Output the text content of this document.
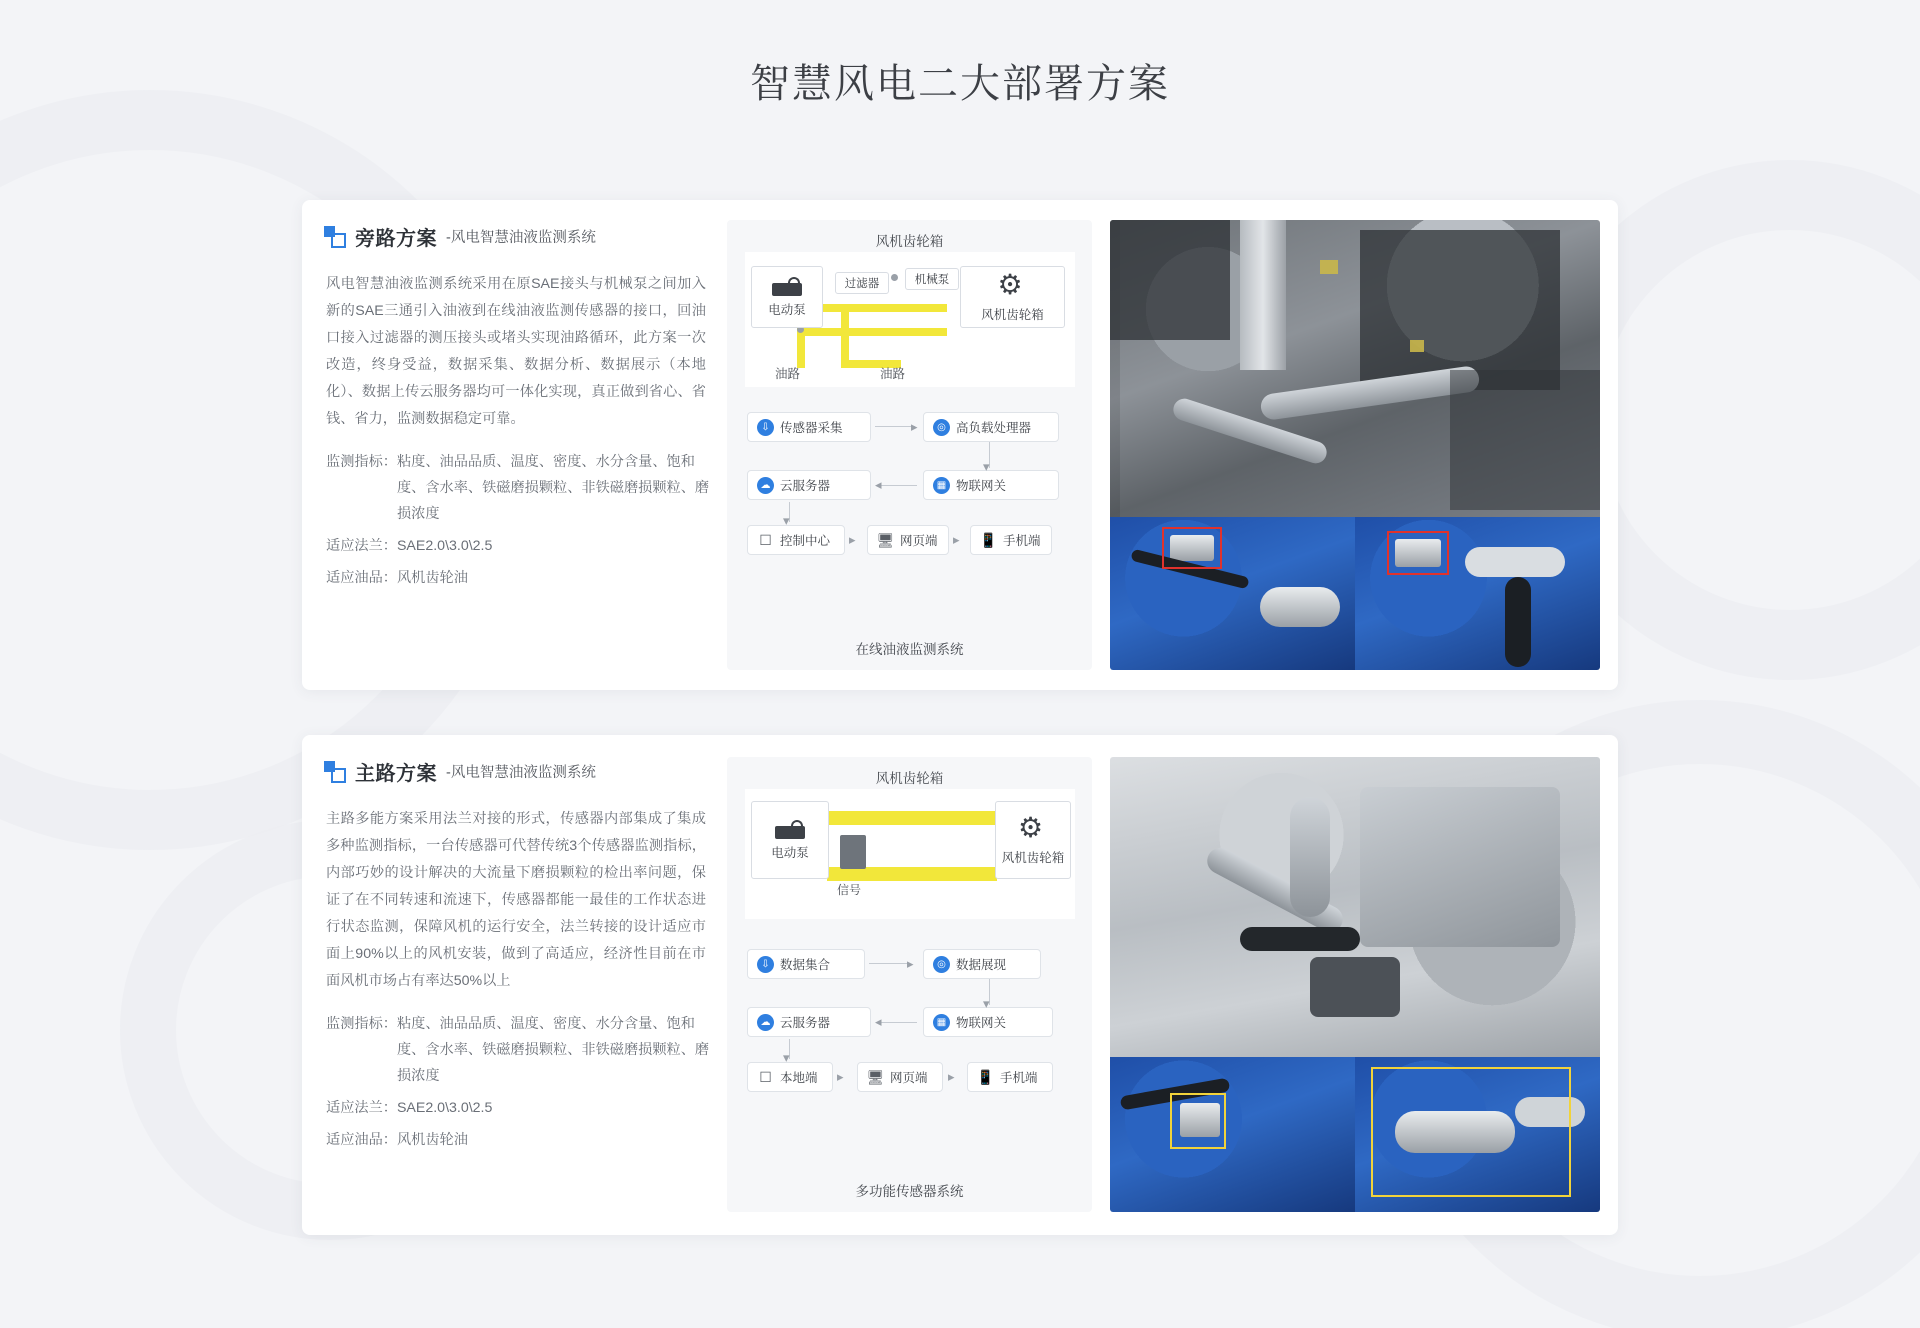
智慧风电二大部署方案
旁路方案 -风电智慧油液监测系统
风电智慧油液监测系统采用在原SAE接头与机械泵之间加入新的SAE三通引入油液到在线油液监测传感器的接口，回油口接入过滤器的测压接头或堵头实现油路循环，此方案一次改造，终身受益，数据采集、数据分析、数据展示（本地化）、数据上传云服务器均可一体化实现，真正做到省心、省钱、省力，监测数据稳定可靠。
监测指标： 粘度、油品品质、温度、密度、水分含量、饱和度、含水率、铁磁磨损颗粒、非铁磁磨损颗粒、磨损浓度
适应法兰： SAE2.0\3.0\2.5
适应油品： 风机齿轮油
风机齿轮箱
在线油液监测系统
电动泵
过滤器	机械泵	⚙
风机齿轮箱
油路	油路
⇩ 传感器采集	◎ 高负载处理器
☁ 云服务器	▦ 物联网关
☐ 控制中心	🖥 网页端	📱 手机端
▸
▾
◂
▾
▸	▸
主路方案 -风电智慧油液监测系统
主路多能方案采用法兰对接的形式，传感器内部集成了集成多种监测指标，一台传感器可代替传统3个传感器监测指标，内部巧妙的设计解决的大流量下磨损颗粒的检出率问题，保证了在不同转速和流速下，传感器都能一最佳的工作状态进行状态监测，保障风机的运行安全，法兰转接的设计适应市面上90%以上的风机安装，做到了高适应，经济性目前在市面风机市场占有率达50%以上
监测指标： 粘度、油品品质、温度、密度、水分含量、饱和度、含水率、铁磁磨损颗粒、非铁磁磨损颗粒、磨损浓度
适应法兰： SAE2.0\3.0\2.5
适应油品： 风机齿轮油
风机齿轮箱
多功能传感器系统
电动泵
信号
⚙
风机齿轮箱
⇩ 数据集合	◎ 数据展现
☁ 云服务器	▦ 物联网关
☐ 本地端	🖥 网页端	📱 手机端
▸
▾
◂
▾
▸	▸
